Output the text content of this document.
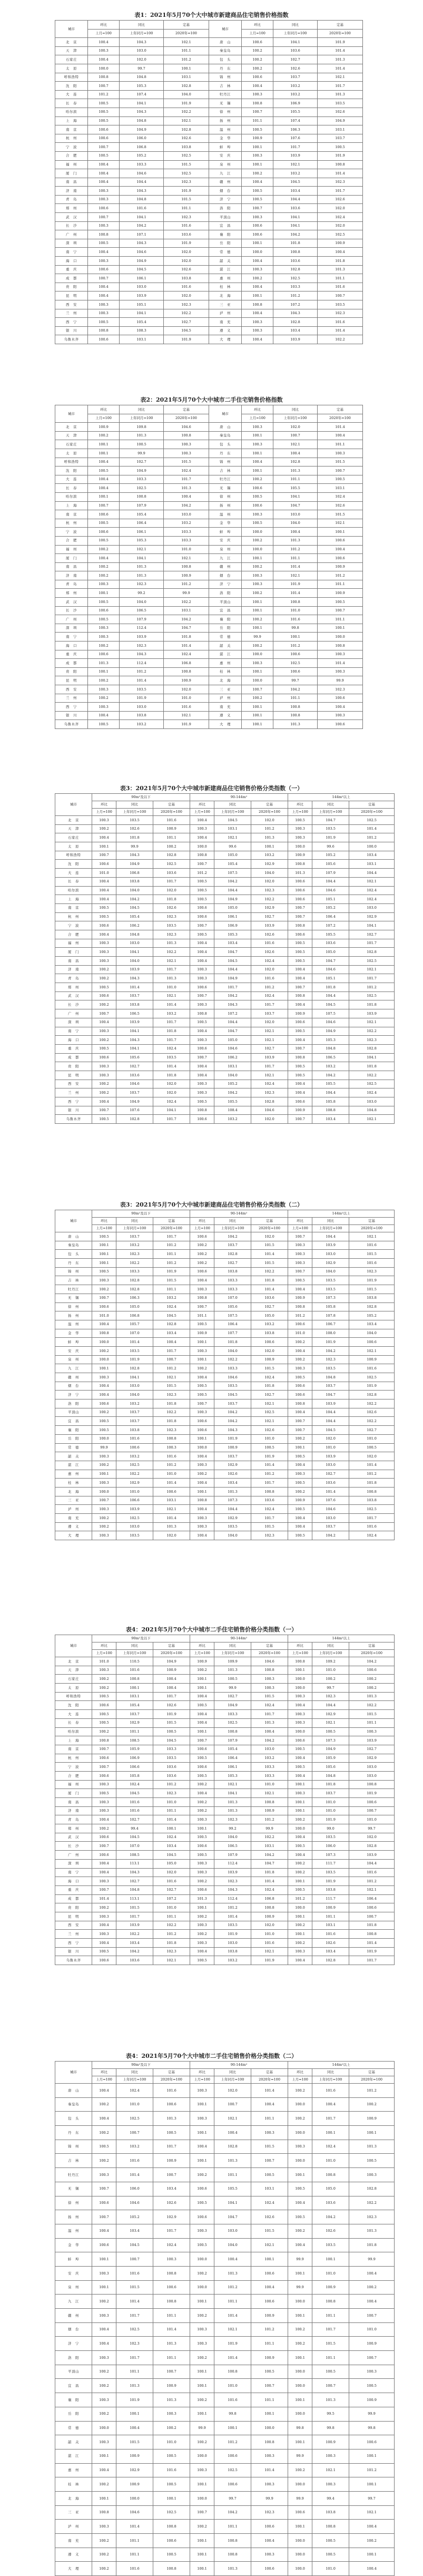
表1：2021年5月70个大中城市新建商品住宅销售价格指数
城市	环比	同比	定基	城市	环比	同比	定基
	上月=100	上年同月=100	2020年=100		上月=100	上年同月=100	2020年=100
北　京	100.4	104.3	102.1	唐　山	100.6	104.1	101.9
天　津	100.3	103.0	101.1	秦皇岛	100.2	103.6	101.4
石家庄	100.4	102.0	101.2	包　头	100.2	102.7	101.3
太　原	100.0	99.7	100.1	丹　东	100.2	102.6	101.4
呼和浩特	100.8	104.8	103.1	锦　州	100.6	103.7	102.1
沈　阳	100.7	105.3	102.8	吉　林	100.4	103.2	101.7
大　连	101.2	107.4	104.0	牡丹江	100.3	103.2	101.3
长　春	100.5	104.1	101.9	无　锡	100.8	106.9	103.5
哈尔滨	100.5	104.3	102.2	徐　州	100.7	105.5	102.6
上　海	100.5	104.8	102.1	扬　州	101.1	107.4	104.9
南　京	100.6	104.9	102.8	温　州	100.5	106.3	103.1
杭　州	100.6	106.0	102.6	金　华	100.9	107.6	103.7
宁　波	100.7	106.8	103.8	蚌　埠	100.1	101.7	100.5
合　肥	100.5	105.2	102.5	安　庆	100.3	103.9	101.9
福　州	100.4	103.3	101.5	泉　州	100.1	102.1	100.8
厦　门	100.4	104.6	102.5	九　江	100.2	103.2	101.4
南　昌	100.4	104.4	102.3	赣　州	100.4	104.5	102.3
济　南	100.3	104.3	101.9	烟　台	100.5	103.4	101.7
青　岛	100.3	104.8	101.5	济　宁	100.5	104.4	102.6
郑　州	100.6	101.6	101.1	洛　阳	100.7	103.6	102.0
武　汉	100.7	104.1	102.3	平顶山	100.3	104.1	102.4
长　沙	100.3	104.2	101.6	宜　昌	100.6	104.1	102.0
广　州	100.8	107.1	103.6	襄　阳	100.6	104.2	102.5
深　圳	100.5	104.3	101.9	岳　阳	100.1	101.8	100.9
南　宁	100.4	104.6	102.0	常　德	100.0	100.8	100.4
海　口	100.3	104.9	102.0	韶　关	100.4	103.6	101.8
重　庆	100.6	104.5	102.6	湛　江	100.3	102.8	101.3
成　都	100.7	106.1	103.8	惠　州	100.2	102.5	101.1
贵　阳	100.4	103.0	101.6	桂　林	100.4	103.3	101.6
昆　明	100.4	103.9	102.0	北　海	100.1	101.2	100.7
西　安	100.3	105.1	102.3	三　亚	100.8	107.2	103.5
兰　州	100.3	104.1	102.2	泸　州	100.4	104.3	102.3
西　宁	100.5	105.4	102.7	南　充	100.3	102.8	101.6
银　川	100.8	108.3	104.5	遵　义	100.3	103.4	101.4
乌鲁木齐	100.6	103.1	101.9	大　理	100.4	103.9	102.2
表2：2021年5月70个大中城市二手住宅销售价格指数
城市	环比	同比	定基	城市	环比	同比	定基
	上月=100	上年同月=100	2020年=100		上月=100	上年同月=100	2020年=100
北　京	100.9	109.8	104.6	唐　山	100.3	102.0	101.4
天　津	100.2	101.3	100.8	秦皇岛	100.1	100.7	100.4
石家庄	100.1	100.5	100.3	包　头	100.3	102.1	101.1
太　原	100.1	99.9	100.3	丹　东	100.1	100.4	100.3
呼和浩特	100.4	102.7	101.5	锦　州	100.4	102.8	101.5
沈　阳	100.5	104.9	102.4	吉　林	100.1	101.3	100.7
大　连	100.4	103.3	101.7	牡丹江	100.2	101.1	100.5
长　春	100.4	102.5	101.3	无　锡	100.6	105.5	103.1
哈尔滨	100.1	100.8	100.4	徐　州	100.5	104.1	102.4
上　海	100.7	107.9	104.2	扬　州	100.6	104.7	102.6
南　京	100.6	105.4	103.0	温　州	100.3	103.0	101.5
杭　州	100.5	106.4	103.2	金　华	100.5	104.0	102.1
宁　波	100.6	106.1	103.3	蚌　埠	100.0	100.4	100.1
合　肥	100.5	105.3	103.3	安　庆	100.2	101.3	100.6
福　州	100.2	102.1	101.0	泉　州	100.0	101.2	100.4
厦　门	100.4	104.1	102.1	九　江	100.1	101.1	100.6
南　昌	100.2	101.3	100.8	赣　州	100.2	101.4	100.9
济　南	100.2	101.3	100.9	烟　台	100.3	102.1	101.2
青　岛	100.3	102.3	101.2	济　宁	100.3	101.9	101.1
郑　州	100.1	99.2	99.9	洛　阳	100.2	101.4	100.9
武　汉	100.5	104.0	102.2	平顶山	100.1	100.8	100.5
长　沙	100.6	106.5	103.1	宜　昌	100.1	101.0	100.7
广　州	100.5	107.9	104.2	襄　阳	100.2	101.6	101.1
深　圳	100.3	112.4	104.7	岳　阳	100.1	99.8	100.1
南　宁	100.3	103.9	101.8	常　德	99.9	100.1	100.0
海　口	100.2	102.3	101.4	韶　关	100.2	101.2	100.8
重　庆	100.6	104.3	102.4	湛　江	100.0	100.6	100.3
成　都	101.3	112.4	106.8	惠　州	100.3	102.5	101.4
贵　阳	100.1	101.2	100.8	桂　林	100.1	100.6	100.3
昆　明	100.2	101.4	100.9	北　海	100.0	99.7	99.9
西　安	100.3	103.5	102.0	三　亚	100.7	104.2	102.3
兰　州	100.2	101.9	101.0	泸　州	100.2	101.1	100.6
西　宁	100.3	103.0	101.6	南　充	100.1	100.8	100.4
银　川	100.4	103.8	102.1	遵　义	100.1	100.8	100.3
乌鲁木齐	100.5	103.2	101.9	大　理	100.1	101.3	100.6
表3：2021年5月70个大中城市新建商品住宅销售价格分类指数（一）
城市	90m²及以下			90-144m²			144m²以上		
	环比	同比	定基	环比	同比	定基	环比	同比	定基
	上月=100	上年同月=100	2020年=100	上月=100	上年同月=100	2020年=100	上月=100	上年同月=100	2020年=100
北　京	100.3	103.5	101.6	100.4	104.5	102.0	100.5	104.7	102.5
天　津	100.2	102.6	100.9	100.3	103.1	101.2	100.3	103.5	101.4
石家庄	100.4	101.8	101.1	100.4	102.1	101.3	100.3	101.9	101.2
太　原	100.1	99.9	100.2	100.0	99.6	100.1	100.0	99.6	100.0
呼和浩特	100.7	104.3	102.8	100.8	105.0	103.2	100.9	105.2	103.4
沈　阳	100.6	104.9	102.5	100.7	105.4	102.9	100.8	105.6	103.1
大　连	101.0	106.8	103.6	101.2	107.5	104.0	101.3	107.9	104.4
长　春	100.4	103.8	101.7	100.5	104.2	102.0	100.6	104.4	102.1
哈尔滨	100.4	104.0	102.0	100.5	104.4	102.3	100.6	104.6	102.4
上　海	100.4	104.2	101.8	100.5	104.9	102.2	100.6	105.1	102.4
南　京	100.5	104.5	102.6	100.6	105.0	102.9	100.7	105.2	103.0
杭　州	100.5	105.4	102.3	100.6	106.1	102.7	100.7	106.4	102.9
宁　波	100.6	106.2	103.5	100.7	106.9	103.9	100.8	107.2	104.1
合　肥	100.4	104.8	102.3	100.5	105.3	102.6	100.6	105.5	102.7
福　州	100.3	103.0	101.3	100.4	103.4	101.6	100.5	103.6	101.7
厦　门	100.3	104.1	102.2	100.4	104.7	102.6	100.5	105.0	102.8
南　昌	100.3	104.0	102.1	100.4	104.5	102.4	100.5	104.7	102.5
济　南	100.2	103.9	101.7	100.3	104.4	102.0	100.4	104.6	102.1
青　岛	100.2	104.3	101.3	100.3	104.9	101.6	100.4	105.1	101.7
郑　州	100.5	101.4	101.0	100.6	101.7	101.2	100.7	101.8	101.2
武　汉	100.6	103.7	102.1	100.7	104.2	102.4	100.8	104.4	102.5
长　沙	100.2	103.8	101.4	100.3	104.3	101.7	100.4	104.5	101.8
广　州	100.7	106.5	103.2	100.8	107.2	103.7	100.9	107.5	103.9
深　圳	100.4	103.9	101.7	100.5	104.4	102.0	100.6	104.6	102.1
南　宁	100.3	104.1	101.8	100.4	104.7	102.1	100.5	104.9	102.2
海　口	100.2	104.3	101.7	100.3	105.0	102.1	100.4	105.3	102.3
重　庆	100.5	104.1	102.4	100.6	104.6	102.7	100.7	104.8	102.8
成　都	100.6	105.6	103.5	100.7	106.2	103.9	100.8	106.5	104.1
贵　阳	100.3	102.7	101.4	100.4	103.1	101.7	100.5	103.2	101.8
昆　明	100.3	103.6	101.8	100.4	104.0	102.1	100.5	104.2	102.2
西　安	100.2	104.6	102.0	100.3	105.2	102.4	100.4	105.5	102.5
兰　州	100.2	103.7	102.0	100.3	104.2	102.3	100.4	104.4	102.4
西　宁	100.4	104.9	102.4	100.5	105.5	102.8	100.6	105.8	103.0
银　川	100.7	107.6	104.1	100.8	108.4	104.6	100.9	108.8	104.8
乌鲁木齐	100.5	102.8	101.7	100.6	103.2	102.0	100.7	103.4	102.1
表3：2021年5月70个大中城市新建商品住宅销售价格分类指数（二）
城市	90m²及以下			90-144m²			144m²以上		
	环比	同比	定基	环比	同比	定基	环比	同比	定基
	上月=100	上年同月=100	2020年=100	上月=100	上年同月=100	2020年=100	上月=100	上年同月=100	2020年=100
唐　山	100.5	103.7	101.7	100.6	104.2	102.0	100.7	104.4	102.1
秦皇岛	100.1	103.2	101.2	100.2	103.7	101.5	100.3	103.9	101.6
包　头	100.1	102.3	101.1	100.2	102.8	101.4	100.3	103.0	101.5
丹　东	100.1	102.2	101.2	100.2	102.7	101.5	100.3	102.9	101.6
锦　州	100.5	103.3	101.9	100.6	103.8	102.2	100.7	104.0	102.3
吉　林	100.3	102.8	101.5	100.4	103.3	101.8	100.5	103.5	101.9
牡丹江	100.2	102.8	101.1	100.3	103.3	101.4	100.4	103.5	101.5
无　锡	100.7	106.3	103.2	100.8	107.0	103.6	100.9	107.3	103.8
徐　州	100.6	105.0	102.4	100.7	105.6	102.7	100.8	105.8	102.8
扬　州	101.0	106.8	104.5	101.1	107.5	105.0	101.2	107.8	105.2
温　州	100.4	105.7	102.8	100.5	106.4	103.2	100.6	106.7	103.4
金　华	100.8	107.0	103.4	100.9	107.7	103.8	101.0	108.0	104.0
蚌　埠	100.0	101.4	100.4	100.1	101.8	100.6	100.2	101.9	100.6
安　庆	100.2	103.5	101.7	100.3	104.0	102.0	100.4	104.2	102.1
泉　州	100.0	101.9	100.7	100.1	102.2	100.9	100.2	102.3	100.9
九　江	100.1	102.8	101.2	100.2	103.3	101.5	100.3	103.5	101.6
赣　州	100.3	104.1	102.1	100.4	104.6	102.4	100.5	104.8	102.5
烟　台	100.4	103.0	101.5	100.5	103.5	101.8	100.6	103.7	101.9
济　宁	100.4	104.0	102.3	100.5	104.5	102.7	100.6	104.7	102.8
洛　阳	100.6	103.2	101.8	100.7	103.7	102.1	100.8	103.9	102.2
平顶山	100.2	103.7	102.2	100.3	104.2	102.5	100.4	104.4	102.6
宜　昌	100.5	103.7	101.8	100.6	104.2	102.1	100.7	104.4	102.2
襄　阳	100.5	103.8	102.3	100.6	104.3	102.6	100.7	104.5	102.7
岳　阳	100.0	101.6	100.8	100.1	101.9	101.0	100.2	102.0	101.0
常　德	99.9	100.6	100.3	100.0	100.9	100.5	100.1	101.0	100.5
韶　关	100.3	103.2	101.6	100.4	103.7	101.9	100.5	103.9	102.0
湛　江	100.2	102.5	101.2	100.3	102.9	101.4	100.4	103.0	101.4
惠　州	100.1	102.2	101.0	100.2	102.6	101.2	100.3	102.7	101.2
桂　林	100.3	102.9	101.4	100.4	103.4	101.7	100.5	103.6	101.8
北　海	100.0	101.0	100.6	100.1	101.3	100.8	100.2	101.4	100.8
三　亚	100.7	106.6	103.1	100.8	107.3	103.6	100.9	107.6	103.8
泸　州	100.3	103.9	102.1	100.4	104.4	102.4	100.5	104.6	102.5
南　充	100.2	102.5	101.4	100.3	102.9	101.7	100.4	103.0	101.7
遵　义	100.2	103.0	101.3	100.3	103.5	101.5	100.4	103.7	101.6
大　理	100.3	103.5	102.0	100.4	104.0	102.3	100.5	104.2	102.4
表4：2021年5月70个大中城市二手住宅销售价格分类指数（一）
城市	90m²及以下			90-144m²			144m²以上		
	环比	同比	定基	环比	同比	定基	环比	同比	定基
	上月=100	上年同月=100	2020年=100	上月=100	上年同月=100	2020年=100	上月=100	上年同月=100	2020年=100
北　京	101.0	110.5	104.9	100.9	109.9	104.6	100.8	109.2	104.2
天　津	100.3	101.6	100.9	100.2	101.3	100.8	100.1	101.0	100.6
石家庄	100.2	100.8	100.4	100.1	100.5	100.3	100.0	100.2	100.2
太　原	100.2	100.1	100.4	100.1	99.9	100.3	100.0	99.7	100.2
呼和浩特	100.5	103.1	101.7	100.4	102.7	101.5	100.3	102.3	101.3
沈　阳	100.6	105.4	102.6	100.5	104.9	102.4	100.4	104.4	102.2
大　连	100.5	103.7	101.9	100.4	103.3	101.7	100.3	102.9	101.5
长　春	100.5	102.9	101.5	100.4	102.5	101.3	100.3	102.1	101.1
哈尔滨	100.2	101.1	100.5	100.1	100.8	100.4	100.0	100.5	100.3
上　海	100.8	108.5	104.5	100.7	107.9	104.2	100.6	107.3	103.9
南　京	100.7	105.9	103.3	100.6	105.4	103.0	100.5	104.9	102.7
杭　州	100.6	106.9	103.5	100.5	106.4	103.2	100.4	105.9	102.9
宁　波	100.7	106.6	103.6	100.6	106.1	103.3	100.5	105.6	103.0
合　肥	100.6	105.8	103.6	100.5	105.3	103.3	100.4	104.8	103.0
福　州	100.3	102.4	101.2	100.2	102.1	101.0	100.1	101.8	100.8
厦　门	100.5	104.5	102.3	100.4	104.1	102.1	100.3	103.7	101.9
南　昌	100.3	101.6	101.0	100.2	101.3	100.8	100.1	101.0	100.6
济　南	100.3	101.6	101.1	100.2	101.3	100.9	100.1	101.0	100.7
青　岛	100.4	102.7	101.4	100.3	102.3	101.2	100.2	101.9	101.0
郑　州	100.2	99.4	100.1	100.1	99.2	99.9	100.0	99.0	99.7
武　汉	100.6	104.5	102.4	100.5	104.0	102.2	100.4	103.5	102.0
长　沙	100.7	107.0	103.4	100.6	106.5	103.1	100.5	106.0	102.8
广　州	100.6	108.5	104.5	100.5	107.9	104.2	100.4	107.3	103.9
深　圳	100.4	113.1	105.0	100.3	112.4	104.7	100.2	111.7	104.4
南　宁	100.4	104.3	102.0	100.3	103.9	101.8	100.2	103.5	101.6
海　口	100.3	102.7	101.6	100.2	102.3	101.4	100.1	101.9	101.2
重　庆	100.7	104.8	102.7	100.6	104.3	102.4	100.5	103.8	102.1
成　都	101.4	113.1	107.2	101.3	112.4	106.8	101.2	111.7	106.4
贵　阳	100.2	101.5	101.0	100.1	101.2	100.8	100.0	100.9	100.6
昆　明	100.3	101.7	101.1	100.2	101.4	100.9	100.1	101.1	100.7
西　安	100.4	103.9	102.2	100.3	103.5	102.0	100.2	103.1	101.8
兰　州	100.3	102.2	101.2	100.2	101.9	101.0	100.1	101.6	100.8
西　宁	100.4	103.4	101.8	100.3	103.0	101.6	100.2	102.6	101.4
银　川	100.5	104.2	102.3	100.4	103.8	102.1	100.3	103.4	101.9
乌鲁木齐	100.6	103.6	102.1	100.5	103.2	101.9	100.4	102.8	101.7
表4：2021年5月70个大中城市二手住宅销售价格分类指数（二）
城市	90m²及以下			90-144m²			144m²以上		
	环比	同比	定基	环比	同比	定基	环比	同比	定基
	上月=100	上年同月=100	2020年=100	上月=100	上年同月=100	2020年=100	上月=100	上年同月=100	2020年=100
唐　山	100.4	102.4	101.6	100.3	102.0	101.4	100.2	101.6	101.2
秦皇岛	100.2	101.0	100.6	100.1	100.7	100.4	100.0	100.4	100.2
包　头	100.4	102.5	101.3	100.3	102.1	101.1	100.2	101.7	100.9
丹　东	100.2	100.7	100.5	100.1	100.4	100.3	100.0	100.1	100.1
锦　州	100.5	103.2	101.7	100.4	102.8	101.5	100.3	102.4	101.3
吉　林	100.2	101.6	100.9	100.1	101.3	100.7	100.0	101.0	100.5
牡丹江	100.3	101.4	100.7	100.2	101.1	100.5	100.1	100.8	100.3
无　锡	100.7	106.0	103.4	100.6	105.5	103.1	100.5	105.0	102.8
徐　州	100.6	104.6	102.6	100.5	104.1	102.4	100.4	103.6	102.2
扬　州	100.7	105.2	102.9	100.6	104.7	102.6	100.5	104.2	102.3
温　州	100.4	103.4	101.7	100.3	103.0	101.5	100.2	102.6	101.3
金　华	100.6	104.5	102.4	100.5	104.0	102.1	100.4	103.5	101.8
蚌　埠	100.1	100.7	100.3	100.0	100.4	100.1	99.9	100.1	99.9
安　庆	100.3	101.6	100.8	100.2	101.3	100.6	100.1	101.0	100.4
泉　州	100.1	101.5	100.6	100.0	101.2	100.4	99.9	100.9	100.2
九　江	100.2	101.4	100.8	100.1	101.1	100.6	100.0	100.8	100.4
赣　州	100.3	101.7	101.1	100.2	101.4	100.9	100.1	101.1	100.7
烟　台	100.4	102.5	101.4	100.3	102.1	101.2	100.2	101.7	101.0
济　宁	100.4	102.3	101.3	100.3	101.9	101.1	100.2	101.5	100.9
洛　阳	100.3	101.7	101.1	100.2	101.4	100.9	100.1	101.1	100.7
平顶山	100.2	101.1	100.7	100.1	100.8	100.5	100.0	100.5	100.3
宜　昌	100.2	101.3	100.9	100.1	101.0	100.7	100.0	100.7	100.5
襄　阳	100.3	101.9	101.3	100.2	101.6	101.1	100.1	101.3	100.9
岳　阳	100.2	100.1	100.3	100.1	99.8	100.1	100.0	99.5	99.9
常　德	100.0	100.4	100.2	99.9	100.1	100.0	99.8	99.8	99.8
韶　关	100.3	101.5	101.0	100.2	101.2	100.8	100.1	100.9	100.6
湛　江	100.1	100.9	100.5	100.0	100.6	100.3	99.9	100.3	100.1
惠　州	100.4	102.9	101.6	100.3	102.5	101.4	100.2	102.1	101.2
桂　林	100.2	100.9	100.5	100.1	100.6	100.3	100.0	100.3	100.1
北　海	100.1	100.0	100.1	100.0	99.7	99.9	99.9	99.4	99.7
三　亚	100.8	104.6	102.5	100.7	104.2	102.3	100.6	103.8	102.1
泸　州	100.3	101.4	100.8	100.2	101.1	100.6	100.1	100.8	100.4
南　充	100.2	101.1	100.6	100.1	100.8	100.4	100.0	100.5	100.2
遵　义	100.2	101.1	100.5	100.1	100.8	100.3	100.0	100.5	100.1
大　理	100.2	101.6	100.8	100.1	101.3	100.6	100.0	101.0	100.4
